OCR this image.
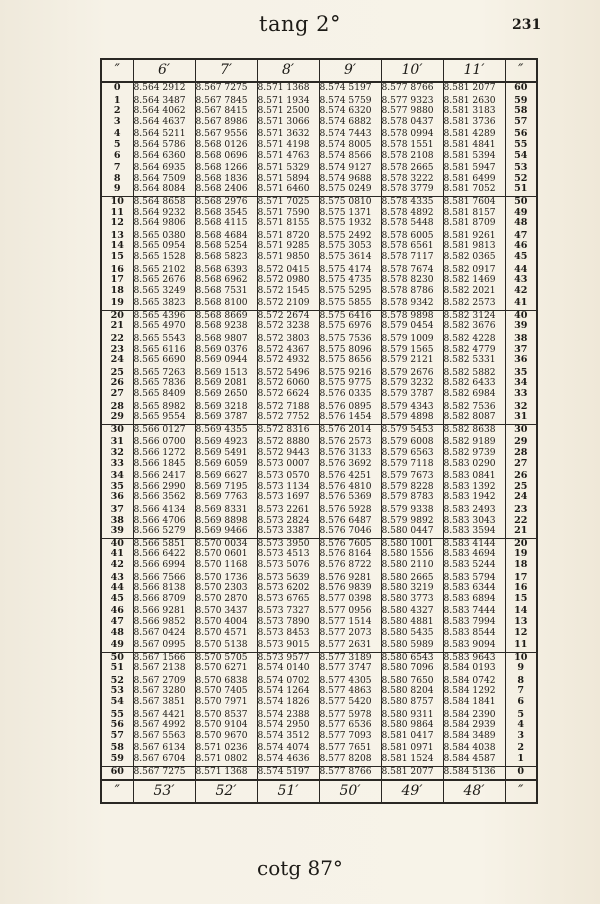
tang 2°	231
″	6′	7′	8′	9′	10′	11′	″
0	8.564 2912	8.567 7275	8.571 1368	8.574 5197	8.577 8766	8.581 2077	60
1	8.564 3487	8.567 7845	8.571 1934	8.574 5759	8.577 9323	8.581 2630	59
2	8.564 4062	8.567 8415	8.571 2500	8.574 6320	8.577 9880	8.581 3183	58
3	8.564 4637	8.567 8986	8.571 3066	8.574 6882	8.578 0437	8.581 3736	57
4	8.564 5211	8.567 9556	8.571 3632	8.574 7443	8.578 0994	8.581 4289	56
5	8.564 5786	8.568 0126	8.571 4198	8.574 8005	8.578 1551	8.581 4841	55
6	8.564 6360	8.568 0696	8.571 4763	8.574 8566	8.578 2108	8.581 5394	54
7	8.564 6935	8.568 1266	8.571 5329	8.574 9127	8.578 2665	8.581 5947	53
8	8.564 7509	8.568 1836	8.571 5894	8.574 9688	8.578 3222	8.581 6499	52
9	8.564 8084	8.568 2406	8.571 6460	8.575 0249	8.578 3779	8.581 7052	51
10	8.564 8658	8.568 2976	8.571 7025	8.575 0810	8.578 4335	8.581 7604	50
11	8.564 9232	8.568 3545	8.571 7590	8.575 1371	8.578 4892	8.581 8157	49
12	8.564 9806	8.568 4115	8.571 8155	8.575 1932	8.578 5448	8.581 8709	48
13	8.565 0380	8.568 4684	8.571 8720	8.575 2492	8.578 6005	8.581 9261	47
14	8.565 0954	8.568 5254	8.571 9285	8.575 3053	8.578 6561	8.581 9813	46
15	8.565 1528	8.568 5823	8.571 9850	8.575 3614	8.578 7117	8.582 0365	45
16	8.565 2102	8.568 6393	8.572 0415	8.575 4174	8.578 7674	8.582 0917	44
17	8.565 2676	8.568 6962	8.572 0980	8.575 4735	8.578 8230	8.582 1469	43
18	8.565 3249	8.568 7531	8.572 1545	8.575 5295	8.578 8786	8.582 2021	42
19	8.565 3823	8.568 8100	8.572 2109	8.575 5855	8.578 9342	8.582 2573	41
20	8.565 4396	8.568 8669	8.572 2674	8.575 6416	8.578 9898	8.582 3124	40
21	8.565 4970	8.568 9238	8.572 3238	8.575 6976	8.579 0454	8.582 3676	39
22	8.565 5543	8.568 9807	8.572 3803	8.575 7536	8.579 1009	8.582 4228	38
23	8.565 6116	8.569 0376	8.572 4367	8.575 8096	8.579 1565	8.582 4779	37
24	8.565 6690	8.569 0944	8.572 4932	8.575 8656	8.579 2121	8.582 5331	36
25	8.565 7263	8.569 1513	8.572 5496	8.575 9216	8.579 2676	8.582 5882	35
26	8.565 7836	8.569 2081	8.572 6060	8.575 9775	8.579 3232	8.582 6433	34
27	8.565 8409	8.569 2650	8.572 6624	8.576 0335	8.579 3787	8.582 6984	33
28	8.565 8982	8.569 3218	8.572 7188	8.576 0895	8.579 4343	8.582 7536	32
29	8.565 9554	8.569 3787	8.572 7752	8.576 1454	8.579 4898	8.582 8087	31
30	8.566 0127	8.569 4355	8.572 8316	8.576 2014	8.579 5453	8.582 8638	30
31	8.566 0700	8.569 4923	8.572 8880	8.576 2573	8.579 6008	8.582 9189	29
32	8.566 1272	8.569 5491	8.572 9443	8.576 3133	8.579 6563	8.582 9739	28
33	8.566 1845	8.569 6059	8.573 0007	8.576 3692	8.579 7118	8.583 0290	27
34	8.566 2417	8.569 6627	8.573 0570	8.576 4251	8.579 7673	8.583 0841	26
35	8.566 2990	8.569 7195	8.573 1134	8.576 4810	8.579 8228	8.583 1392	25
36	8.566 3562	8.569 7763	8.573 1697	8.576 5369	8.579 8783	8.583 1942	24
37	8.566 4134	8.569 8331	8.573 2261	8.576 5928	8.579 9338	8.583 2493	23
38	8.566 4706	8.569 8898	8.573 2824	8.576 6487	8.579 9892	8.583 3043	22
39	8.566 5279	8.569 9466	8.573 3387	8.576 7046	8.580 0447	8.583 3594	21
40	8.566 5851	8.570 0034	8.573 3950	8.576 7605	8.580 1001	8.583 4144	20
41	8.566 6422	8.570 0601	8.573 4513	8.576 8164	8.580 1556	8.583 4694	19
42	8.566 6994	8.570 1168	8.573 5076	8.576 8722	8.580 2110	8.583 5244	18
43	8.566 7566	8.570 1736	8.573 5639	8.576 9281	8.580 2665	8.583 5794	17
44	8.566 8138	8.570 2303	8.573 6202	8.576 9839	8.580 3219	8.583 6344	16
45	8.566 8709	8.570 2870	8.573 6765	8.577 0398	8.580 3773	8.583 6894	15
46	8.566 9281	8.570 3437	8.573 7327	8.577 0956	8.580 4327	8.583 7444	14
47	8.566 9852	8.570 4004	8.573 7890	8.577 1514	8.580 4881	8.583 7994	13
48	8.567 0424	8.570 4571	8.573 8453	8.577 2073	8.580 5435	8.583 8544	12
49	8.567 0995	8.570 5138	8.573 9015	8.577 2631	8.580 5989	8.583 9094	11
50	8.567 1566	8.570 5705	8.573 9577	8.577 3189	8.580 6543	8.583 9643	10
51	8.567 2138	8.570 6271	8.574 0140	8.577 3747	8.580 7096	8.584 0193	9
52	8.567 2709	8.570 6838	8.574 0702	8.577 4305	8.580 7650	8.584 0742	8
53	8.567 3280	8.570 7405	8.574 1264	8.577 4863	8.580 8204	8.584 1292	7
54	8.567 3851	8.570 7971	8.574 1826	8.577 5420	8.580 8757	8.584 1841	6
55	8.567 4421	8.570 8537	8.574 2388	8.577 5978	8.580 9311	8.584 2390	5
56	8.567 4992	8.570 9104	8.574 2950	8.577 6536	8.580 9864	8.584 2939	4
57	8.567 5563	8.570 9670	8.574 3512	8.577 7093	8.581 0417	8.584 3489	3
58	8.567 6134	8.571 0236	8.574 4074	8.577 7651	8.581 0971	8.584 4038	2
59	8.567 6704	8.571 0802	8.574 4636	8.577 8208	8.581 1524	8.584 4587	1
60	8.567 7275	8.571 1368	8.574 5197	8.577 8766	8.581 2077	8.584 5136	0
″	53′	52′	51′	50′	49′	48′	″
cotg 87°
